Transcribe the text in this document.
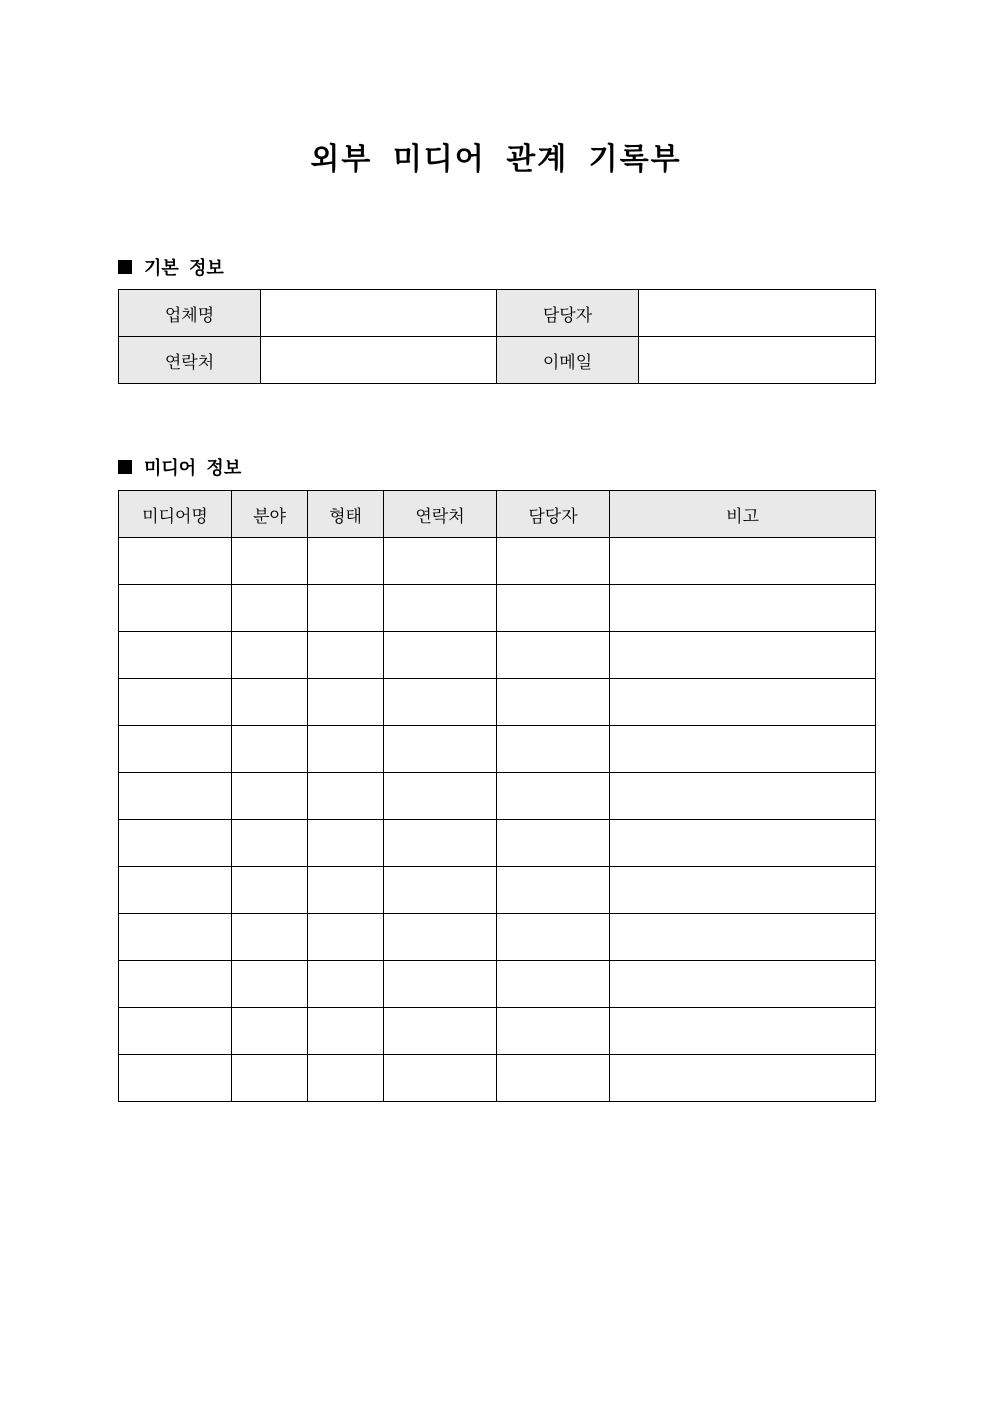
외부 미디어 관계 기록부
기본 정보
업체명		담당자	
연락처		이메일	
미디어 정보
미디어명	분야	형태	연락처	담당자	비고
